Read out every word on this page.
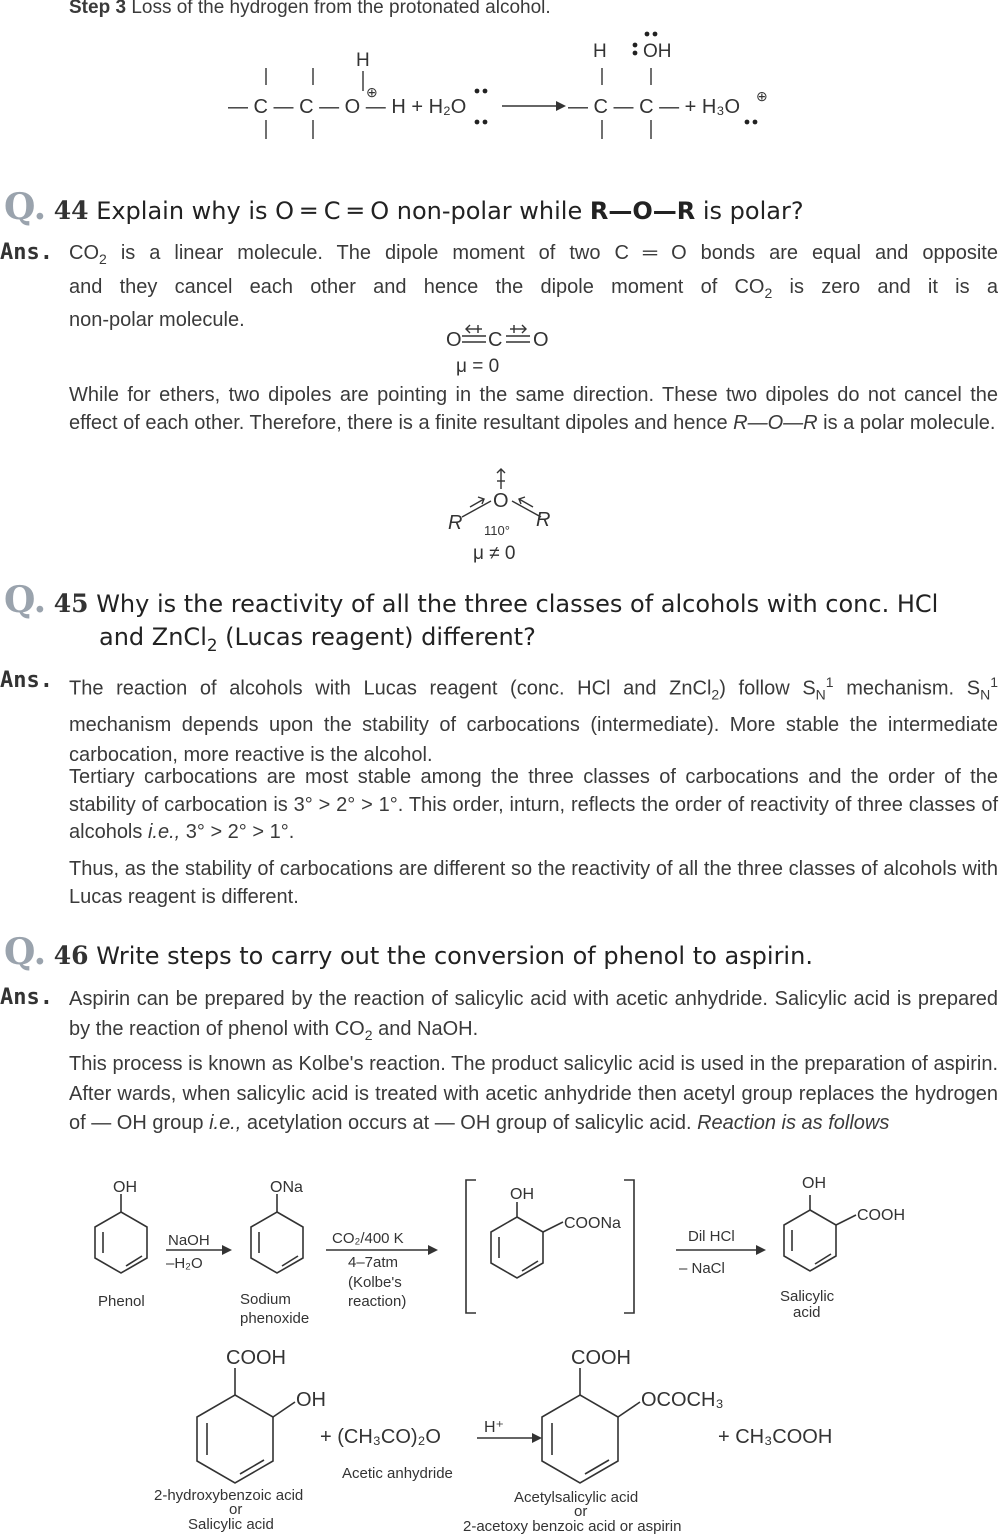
Step 3 Loss of the hydrogen from the protonated alcohol.
H
— C — C — O — H + H₂O
⊕
— C — C — + H₃O ⊕
H OH
Q. 44 Explain why is O ═ C ═ O non-polar while R—O—R is polar?
Ans. $CO_2$ is a linear molecule. The dipole moment of two C ═ O bonds are equal and opposite
and they cancel each other and hence the dipole moment of $CO_2$ is zero and it is a
non-polar molecule.
O C O
μ = 0
While for ethers, two dipoles are pointing in the same direction. These two dipoles do not cancel the effect of each other. Therefore, there is a finite resultant dipoles and hence R—O—R is a polar molecule.
O
R	R
110°
μ ≠ 0
Q. 45 Why is the reactivity of all the three classes of alcohols with conc. HCl
and ZnCl$_2$ (Lucas reagent) different?
Ans. The reaction of alcohols with Lucas reagent (conc. HCl and ZnCl$_2$) follow $S_N^1$ mechanism. $S_N^1$ mechanism depends upon the stability of carbocations (intermediate). More stable the intermediate carbocation, more reactive is the alcohol.
Tertiary carbocations are most stable among the three classes of carbocations and the order of the stability of carbocation is 3° > 2° > 1°. This order, inturn, reflects the order of reactivity of three classes of alcohols i.e., 3° > 2° > 1°.
Thus, as the stability of carbocations are different so the reactivity of all the three classes of alcohols with Lucas reagent is different.
Q. 46 Write steps to carry out the conversion of phenol to aspirin.
Ans. Aspirin can be prepared by the reaction of salicylic acid with acetic anhydride. Salicylic acid is prepared by the reaction of phenol with $CO_2$ and NaOH.
This process is known as Kolbe's reaction. The product salicylic acid is used in the preparation of aspirin. After wards, when salicylic acid is treated with acetic anhydride then acetyl group replaces the hydrogen of — OH group i.e., acetylation occurs at — OH group of salicylic acid. Reaction is as follows
OH
Phenol
NaOH
–H₂O
ONa
Sodium
phenoxide
CO₂/400 K
4–7atm
(Kolbe's
reaction)
OH
COONa
Dil HCl
– NaCl
OH
COOH
Salicylic
acid
COOH
OH
+ (CH₃CO)₂O
Acetic anhydride
H⁺
COOH
OCOCH₃
+ CH₃COOH
2-hydroxybenzoic acid
or
Salicylic acid
Acetylsalicylic acid
or
2-acetoxy benzoic acid or aspirin
